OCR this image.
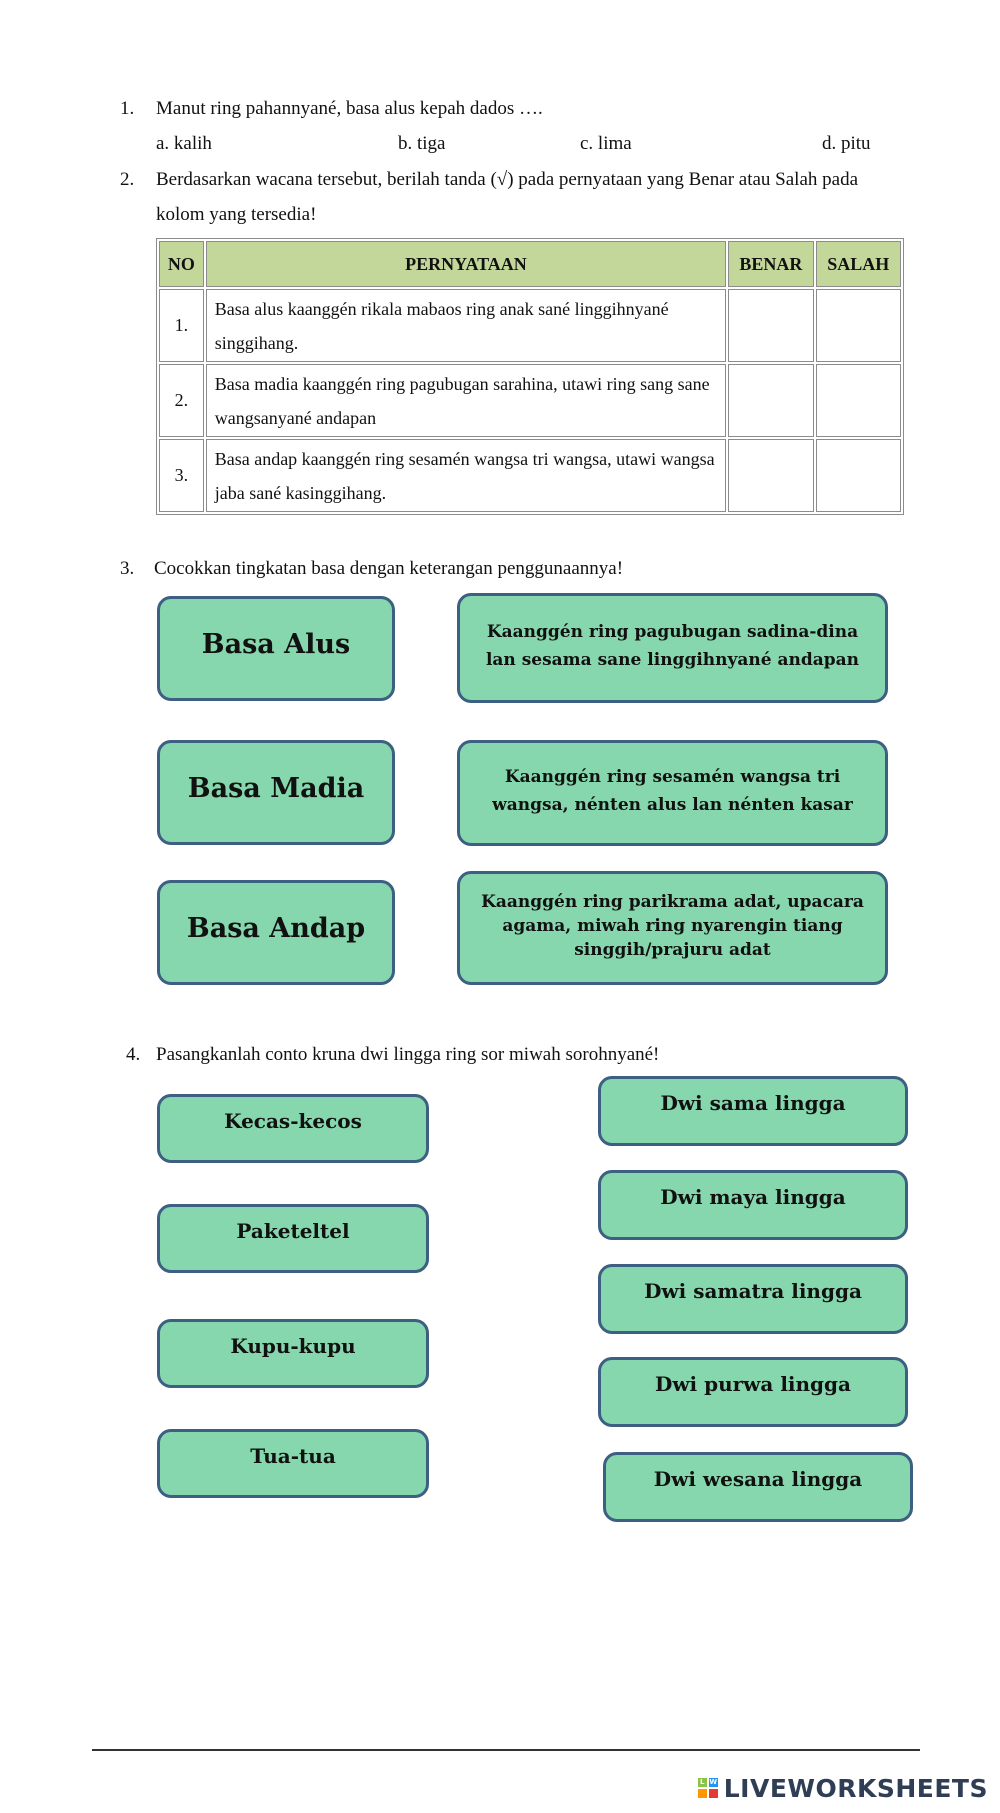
1. Manut ring pahannyané, basa alus kepah dados ….
a. kalih	b. tiga	c. lima	d. pitu
2. Berdasarkan wacana tersebut, berilah tanda (√) pada pernyataan yang Benar atau Salah pada
kolom yang tersedia!
NO	PERNYATAAN	BENAR	SALAH
1.	Basa alus kaanggén rikala mabaos ring anak sané linggihnyané singgihang.		
2.	Basa madia kaanggén ring pagubugan sarahina, utawi ring sang sane wangsanyané andapan		
3.	Basa andap kaanggén ring sesamén wangsa tri wangsa, utawi wangsa jaba sané kasinggihang.		
3. Cocokkan tingkatan basa dengan keterangan penggunaannya!
Basa Alus
Basa Madia
Basa Andap
Kaanggén ring pagubugan sadina-dina lan sesama sane linggihnyané andapan
Kaanggén ring sesamén wangsa tri wangsa, nénten alus lan nénten kasar
Kaanggén ring parikrama adat, upacara agama, miwah ring nyarengin tiang singgih/prajuru adat
4. Pasangkanlah conto kruna dwi lingga ring sor miwah sorohnyané!
Kecas-kecos
Paketeltel
Kupu-kupu
Tua-tua
Dwi sama lingga
Dwi maya lingga
Dwi samatra lingga
Dwi purwa lingga
Dwi wesana lingga
L W LIVEWORKSHEETS
